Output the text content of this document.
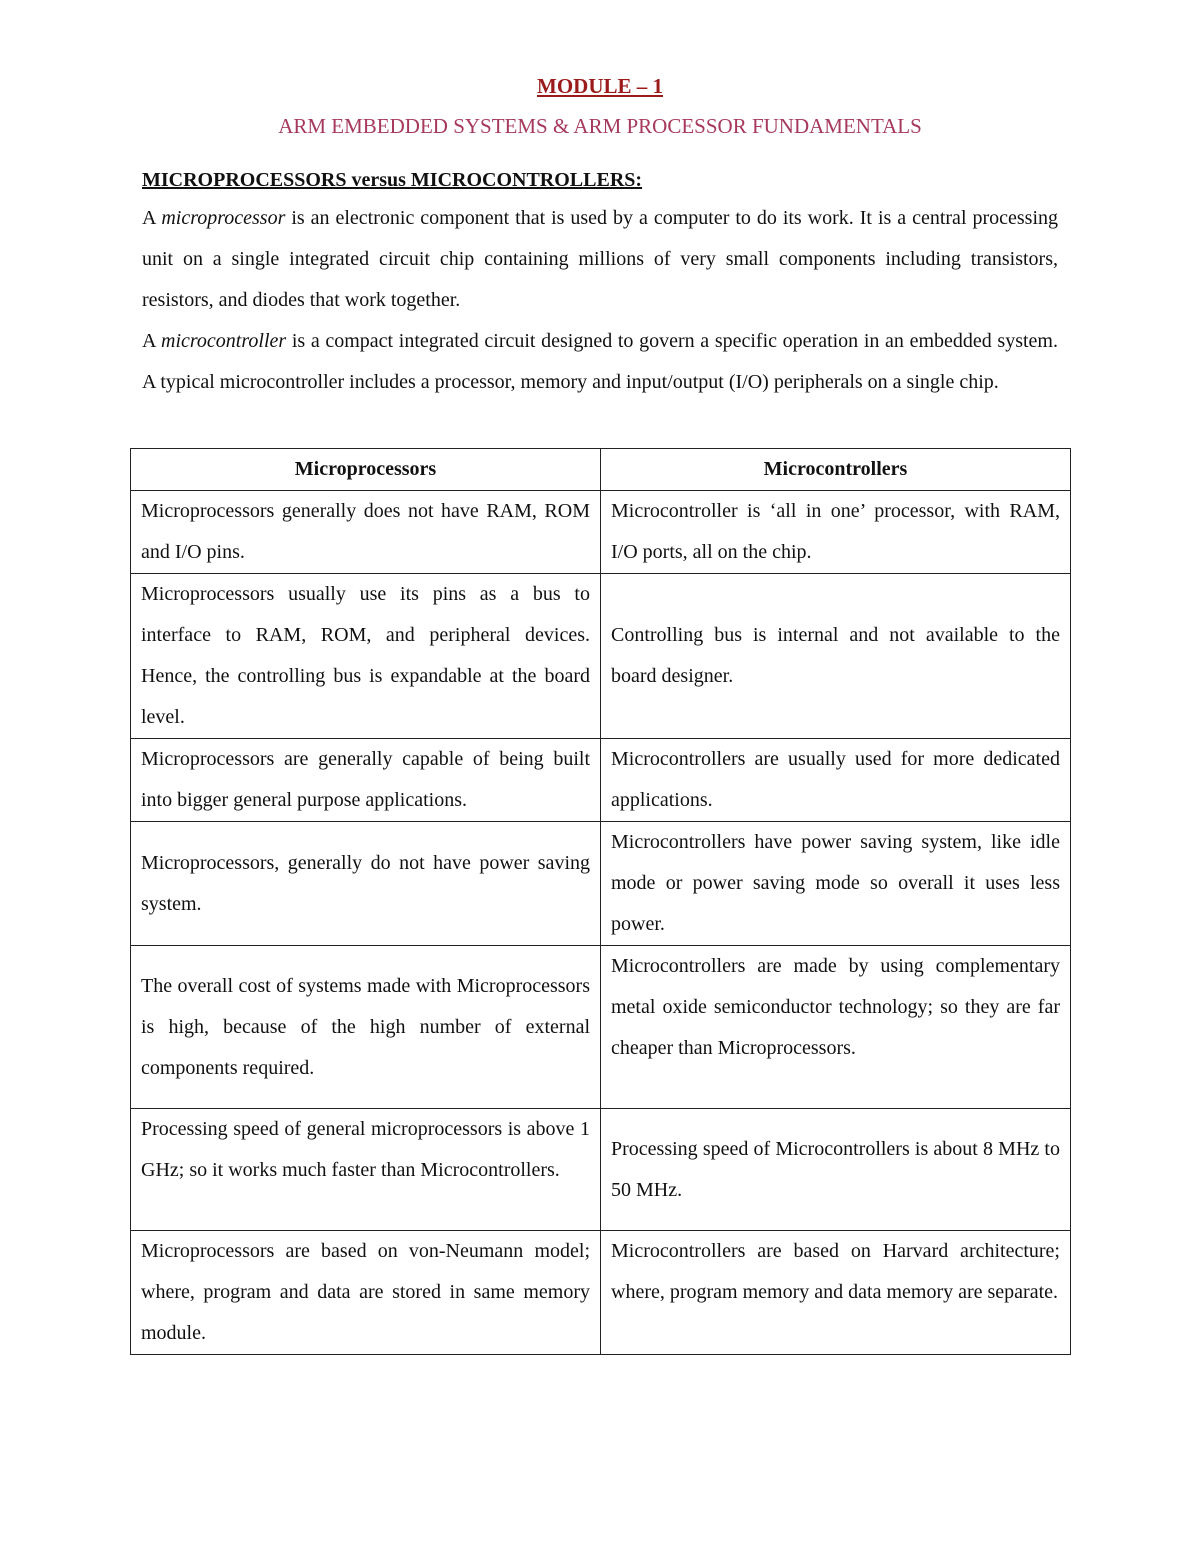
MODULE – 1
ARM EMBEDDED SYSTEMS & ARM PROCESSOR FUNDAMENTALS
MICROPROCESSORS versus MICROCONTROLLERS:

A microprocessor is an electronic component that is used by a computer to do its work. It is a central processing unit on a single integrated circuit chip containing millions of very small components including transistors, resistors, and diodes that work together.

A microcontroller is a compact integrated circuit designed to govern a specific operation in an embedded system. A typical microcontroller includes a processor, memory and input/output (I/O) peripherals on a single chip.

Microprocessors	Microcontrollers
Microprocessors generally does not have RAM, ROM and I/O pins.	Microcontroller is ‘all in one’ processor, with RAM, I/O ports, all on the chip.
Microprocessors usually use its pins as a bus to interface to RAM, ROM, and peripheral devices. Hence, the controlling bus is expandable at the board level.	Controlling bus is internal and not available to the board designer.
Microprocessors are generally capable of being built into bigger general purpose applications.	Microcontrollers are usually used for more dedicated applications.
Microprocessors, generally do not have power saving system.	Microcontrollers have power saving system, like idle mode or power saving mode so overall it uses less power.
The overall cost of systems made with Microprocessors is high, because of the high number of external components required.	Microcontrollers are made by using complementary metal oxide semiconductor technology; so they are far cheaper than Microprocessors.
Processing speed of general microprocessors is above 1 GHz; so it works much faster than Microcontrollers.	Processing speed of Microcontrollers is about 8 MHz to 50 MHz.
Microprocessors are based on von-Neumann model; where, program and data are stored in same memory module.	Microcontrollers are based on Harvard architecture; where, program memory and data memory are separate.
